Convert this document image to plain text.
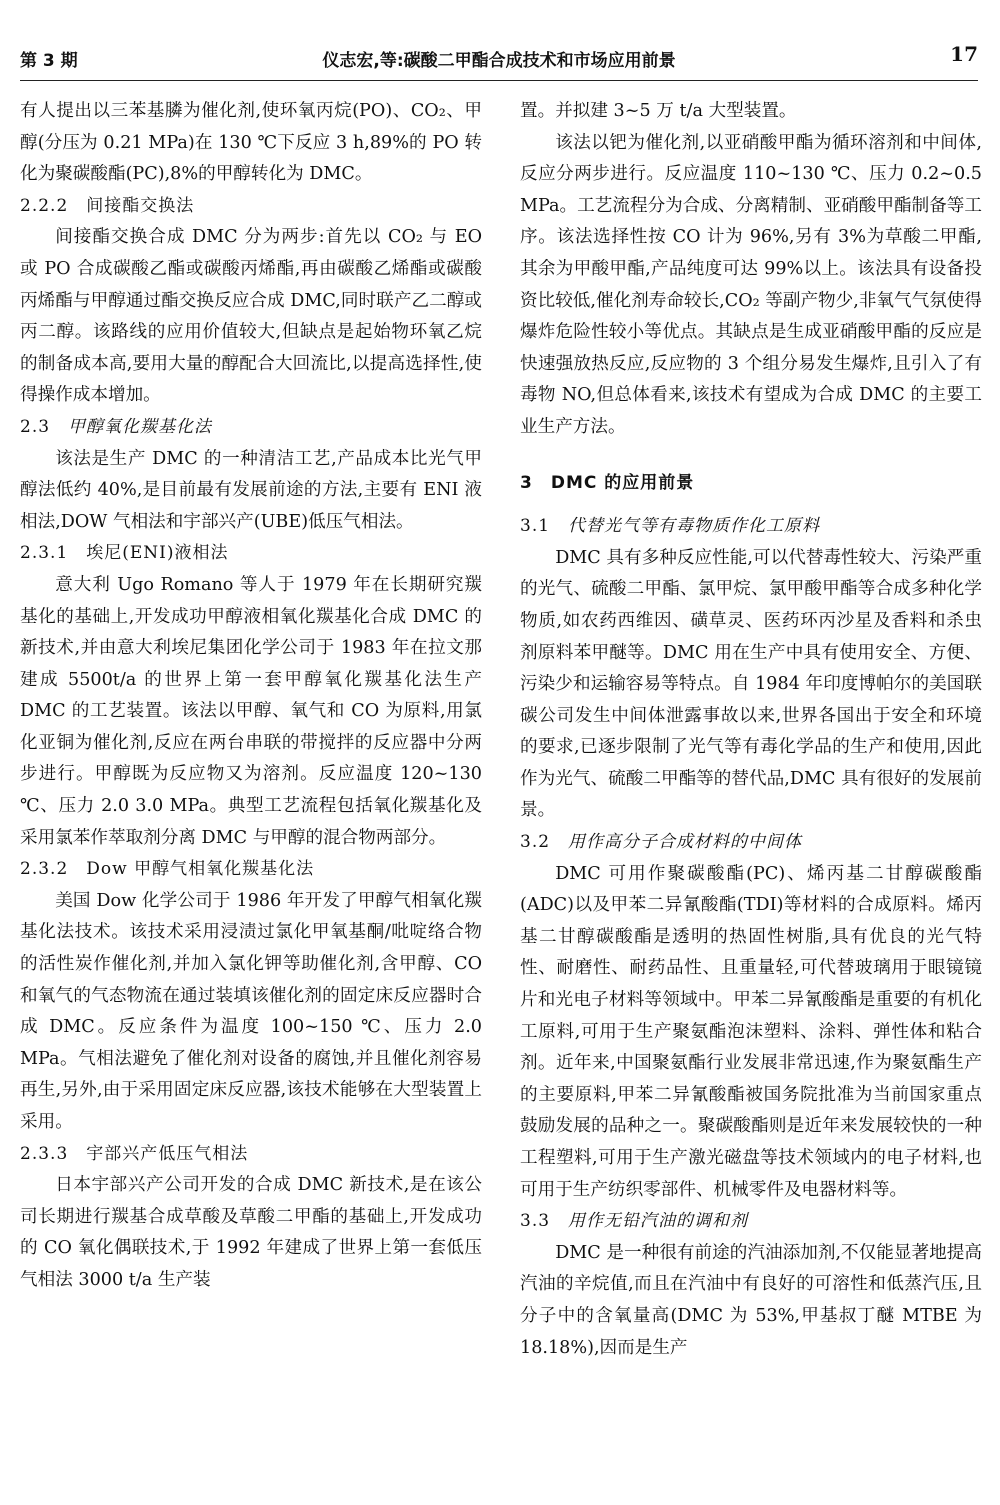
第 3 期	仪志宏,等:碳酸二甲酯合成技术和市场应用前景	17

有人提出以三苯基膦为催化剂,使环氧丙烷(PO)、CO₂、甲醇(分压为 0.21 MPa)在 130 ℃下反应 3 h,89%的 PO 转化为聚碳酸酯(PC),8%的甲醇转化为 DMC。

2.2.2 间接酯交换法

间接酯交换合成 DMC 分为两步:首先以 CO₂ 与 EO 或 PO 合成碳酸乙酯或碳酸丙烯酯,再由碳酸乙烯酯或碳酸丙烯酯与甲醇通过酯交换反应合成 DMC,同时联产乙二醇或丙二醇。该路线的应用价值较大,但缺点是起始物环氧乙烷的制备成本高,要用大量的醇配合大回流比,以提高选择性,使得操作成本增加。

2.3 甲醇氧化羰基化法

该法是生产 DMC 的一种清洁工艺,产品成本比光气甲醇法低约 40%,是目前最有发展前途的方法,主要有 ENI 液相法,DOW 气相法和宇部兴产(UBE)低压气相法。

2.3.1 埃尼(ENI)液相法

意大利 Ugo Romano 等人于 1979 年在长期研究羰基化的基础上,开发成功甲醇液相氧化羰基化合成 DMC 的新技术,并由意大利埃尼集团化学公司于 1983 年在拉文那建成 5500t/a 的世界上第一套甲醇氧化羰基化法生产 DMC 的工艺装置。该法以甲醇、氧气和 CO 为原料,用氯化亚铜为催化剂,反应在两台串联的带搅拌的反应器中分两步进行。甲醇既为反应物又为溶剂。反应温度 120~130 ℃、压力 2.0 3.0 MPa。典型工艺流程包括氧化羰基化及采用氯苯作萃取剂分离 DMC 与甲醇的混合物两部分。

2.3.2 Dow 甲醇气相氧化羰基化法

美国 Dow 化学公司于 1986 年开发了甲醇气相氧化羰基化法技术。该技术采用浸渍过氯化甲氧基酮/吡啶络合物的活性炭作催化剂,并加入氯化钾等助催化剂,含甲醇、CO 和氧气的气态物流在通过装填该催化剂的固定床反应器时合成 DMC。反应条件为温度 100~150 ℃、压力 2.0 MPa。气相法避免了催化剂对设备的腐蚀,并且催化剂容易再生,另外,由于采用固定床反应器,该技术能够在大型装置上采用。

2.3.3 宇部兴产低压气相法

日本宇部兴产公司开发的合成 DMC 新技术,是在该公司长期进行羰基合成草酸及草酸二甲酯的基础上,开发成功的 CO 氧化偶联技术,于 1992 年建成了世界上第一套低压气相法 3000 t/a 生产装

置。并拟建 3~5 万 t/a 大型装置。

该法以钯为催化剂,以亚硝酸甲酯为循环溶剂和中间体,反应分两步进行。反应温度 110~130 ℃、压力 0.2~0.5 MPa。工艺流程分为合成、分离精制、亚硝酸甲酯制备等工序。该法选择性按 CO 计为 96%,另有 3%为草酸二甲酯,其余为甲酸甲酯,产品纯度可达 99%以上。该法具有设备投资比较低,催化剂寿命较长,CO₂ 等副产物少,非氧气气氛使得爆炸危险性较小等优点。其缺点是生成亚硝酸甲酯的反应是快速强放热反应,反应物的 3 个组分易发生爆炸,且引入了有毒物 NO,但总体看来,该技术有望成为合成 DMC 的主要工业生产方法。

3 DMC 的应用前景
3.1 代替光气等有毒物质作化工原料

DMC 具有多种反应性能,可以代替毒性较大、污染严重的光气、硫酸二甲酯、氯甲烷、氯甲酸甲酯等合成多种化学物质,如农药西维因、磺草灵、医药环丙沙星及香料和杀虫剂原料苯甲醚等。DMC 用在生产中具有使用安全、方便、污染少和运输容易等特点。自 1984 年印度博帕尔的美国联碳公司发生中间体泄露事故以来,世界各国出于安全和环境的要求,已逐步限制了光气等有毒化学品的生产和使用,因此作为光气、硫酸二甲酯等的替代品,DMC 具有很好的发展前景。

3.2 用作高分子合成材料的中间体

DMC 可用作聚碳酸酯(PC)、烯丙基二甘醇碳酸酯(ADC)以及甲苯二异氰酸酯(TDI)等材料的合成原料。烯丙基二甘醇碳酸酯是透明的热固性树脂,具有优良的光气特性、耐磨性、耐药品性、且重量轻,可代替玻璃用于眼镜镜片和光电子材料等领域中。甲苯二异氰酸酯是重要的有机化工原料,可用于生产聚氨酯泡沫塑料、涂料、弹性体和粘合剂。近年来,中国聚氨酯行业发展非常迅速,作为聚氨酯生产的主要原料,甲苯二异氰酸酯被国务院批准为当前国家重点鼓励发展的品种之一。聚碳酸酯则是近年来发展较快的一种工程塑料,可用于生产激光磁盘等技术领域内的电子材料,也可用于生产纺织零部件、机械零件及电器材料等。

3.3 用作无铅汽油的调和剂

DMC 是一种很有前途的汽油添加剂,不仅能显著地提高汽油的辛烷值,而且在汽油中有良好的可溶性和低蒸汽压,且分子中的含氧量高(DMC 为 53%,甲基叔丁醚 MTBE 为 18.18%),因而是生产
